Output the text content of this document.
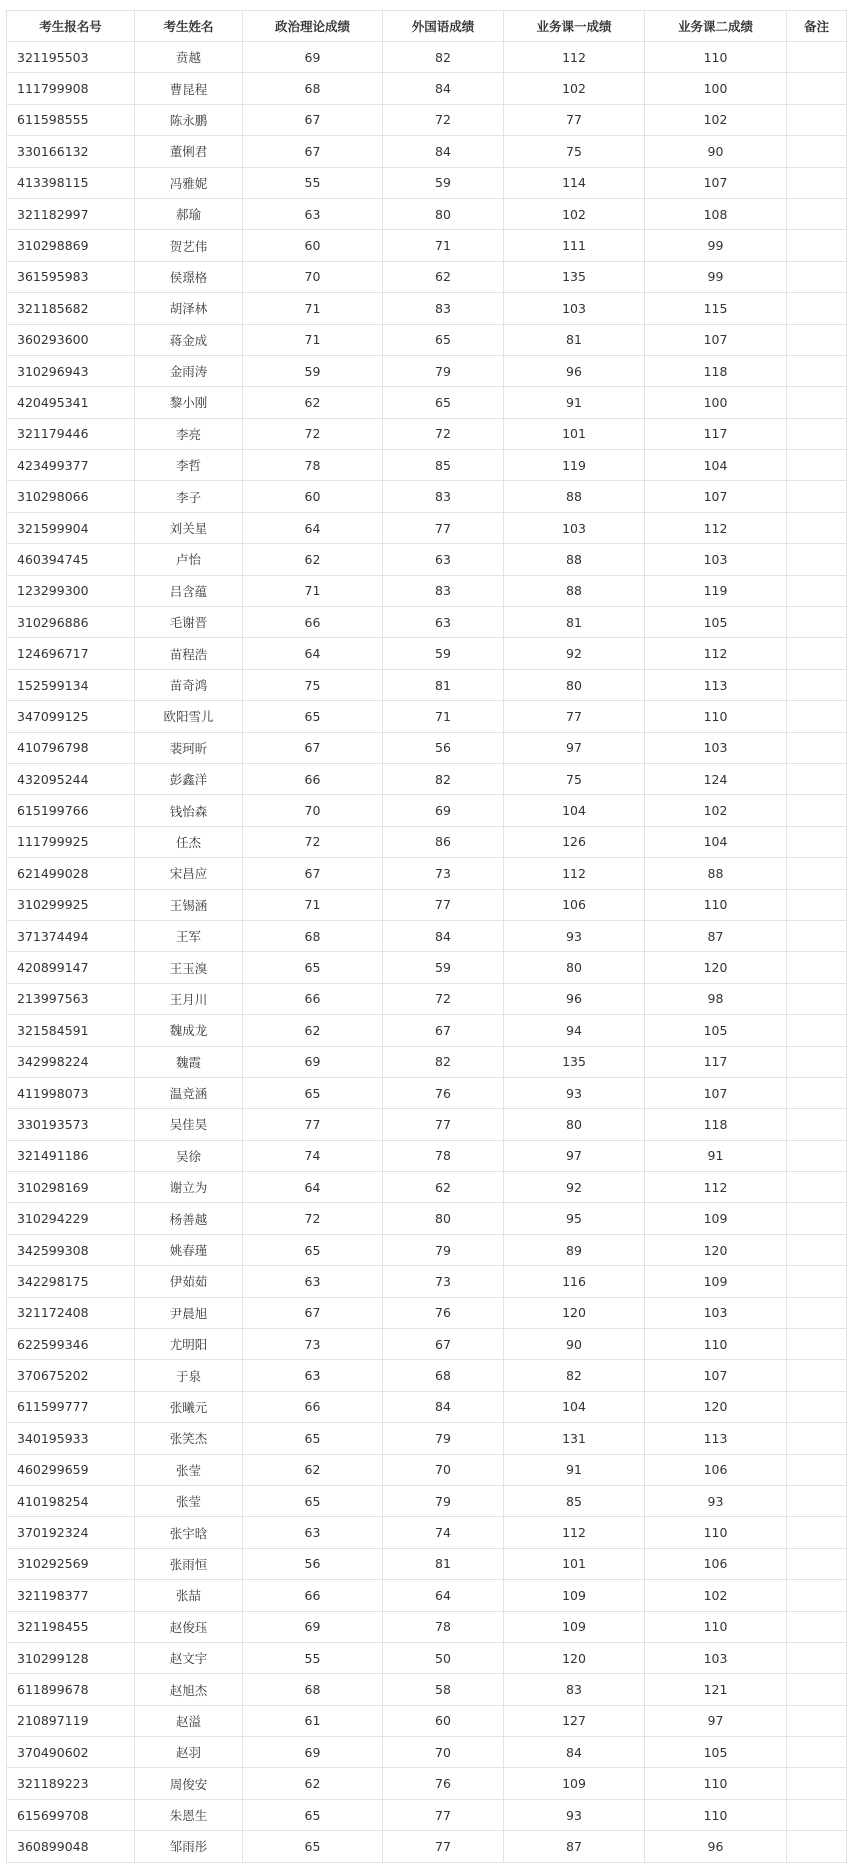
考生报名号	考生姓名	政治理论成绩	外国语成绩	业务课一成绩	业务课二成绩	备注
321195503	贲越	69	82	112	110	
111799908	曹昆程	68	84	102	100	
611598555	陈永鹏	67	72	77	102	
330166132	董俐君	67	84	75	90	
413398115	冯雅妮	55	59	114	107	
321182997	郝瑜	63	80	102	108	
310298869	贺艺伟	60	71	111	99	
361595983	侯璟格	70	62	135	99	
321185682	胡泽林	71	83	103	115	
360293600	蒋金成	71	65	81	107	
310296943	金雨涛	59	79	96	118	
420495341	黎小刚	62	65	91	100	
321179446	李亮	72	72	101	117	
423499377	李哲	78	85	119	104	
310298066	李子	60	83	88	107	
321599904	刘关星	64	77	103	112	
460394745	卢怡	62	63	88	103	
123299300	吕含蕴	71	83	88	119	
310296886	毛谢晋	66	63	81	105	
124696717	苗程浩	64	59	92	112	
152599134	苗奇鸿	75	81	80	113	
347099125	欧阳雪儿	65	71	77	110	
410796798	裴珂昕	67	56	97	103	
432095244	彭鑫洋	66	82	75	124	
615199766	钱怡森	70	69	104	102	
111799925	任杰	72	86	126	104	
621499028	宋昌应	67	73	112	88	
310299925	王锡涵	71	77	106	110	
371374494	王军	68	84	93	87	
420899147	王玉溴	65	59	80	120	
213997563	王月川	66	72	96	98	
321584591	魏成龙	62	67	94	105	
342998224	魏霞	69	82	135	117	
411998073	温竞涵	65	76	93	107	
330193573	吴佳昊	77	77	80	118	
321491186	吴徐	74	78	97	91	
310298169	谢立为	64	62	92	112	
310294229	杨善越	72	80	95	109	
342599308	姚春瑾	65	79	89	120	
342298175	伊茹茹	63	73	116	109	
321172408	尹晨旭	67	76	120	103	
622599346	尤明阳	73	67	90	110	
370675202	于泉	63	68	82	107	
611599777	张曦元	66	84	104	120	
340195933	张笑杰	65	79	131	113	
460299659	张莹	62	70	91	106	
410198254	张莹	65	79	85	93	
370192324	张宇晗	63	74	112	110	
310292569	张雨恒	56	81	101	106	
321198377	张喆	66	64	109	102	
321198455	赵俊珏	69	78	109	110	
310299128	赵文宇	55	50	120	103	
611899678	赵旭杰	68	58	83	121	
210897119	赵溢	61	60	127	97	
370490602	赵羽	69	70	84	105	
321189223	周俊安	62	76	109	110	
615699708	朱恩生	65	77	93	110	
360899048	邹雨彤	65	77	87	96	
